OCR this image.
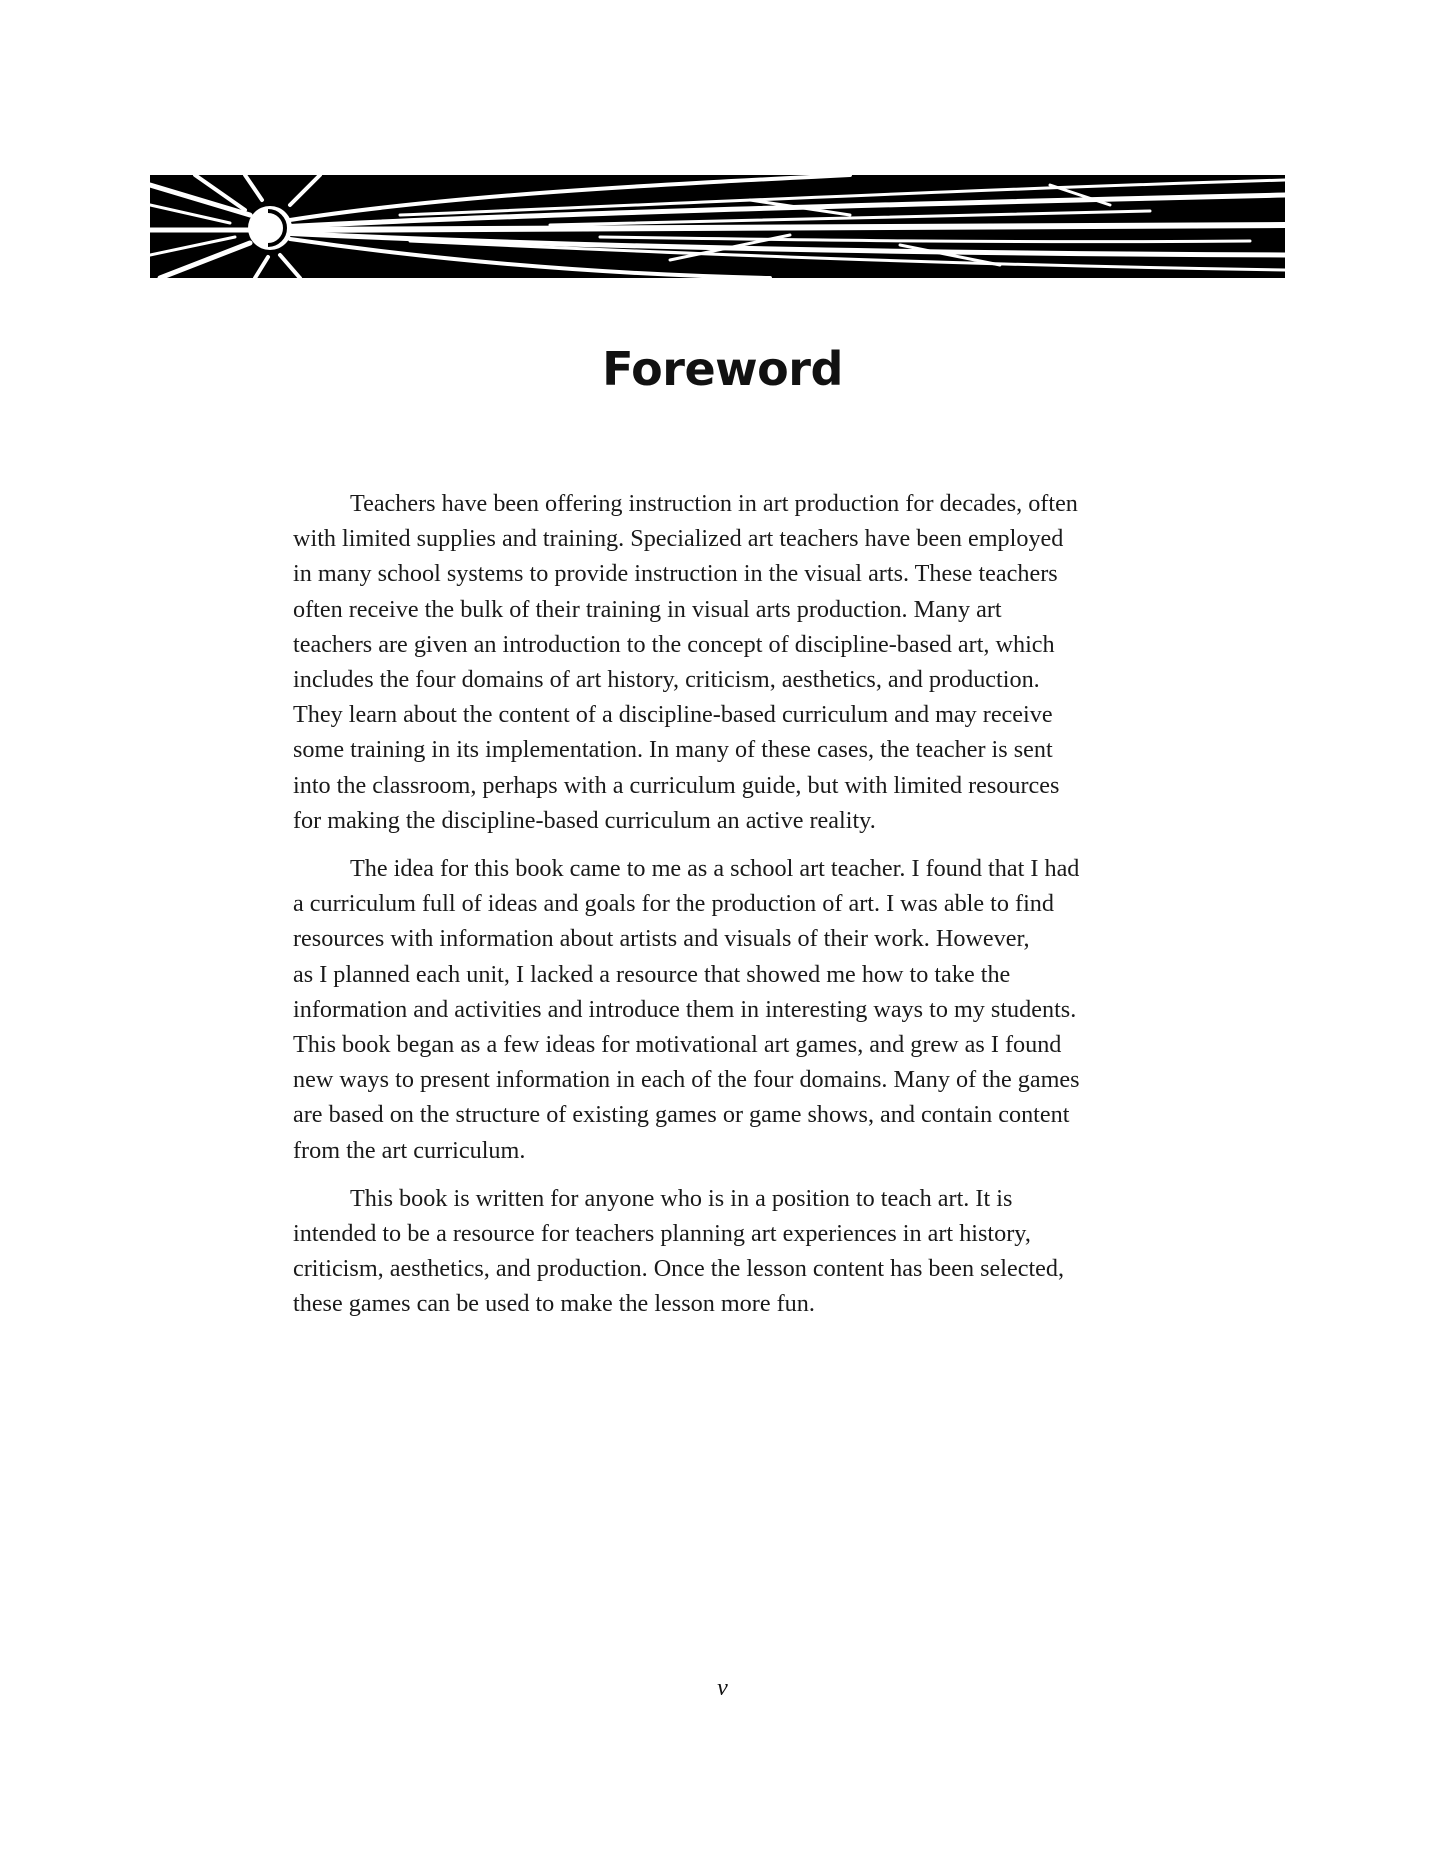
Foreword
Teachers have been offering instruction in art production for decades, often
with limited supplies and training. Specialized art teachers have been employed
in many school systems to provide instruction in the visual arts. These teachers
often receive the bulk of their training in visual arts production. Many art
teachers are given an introduction to the concept of discipline-based art, which
includes the four domains of art history, criticism, aesthetics, and production.
They learn about the content of a discipline-based curriculum and may receive
some training in its implementation. In many of these cases, the teacher is sent
into the classroom, perhaps with a curriculum guide, but with limited resources
for making the discipline-based curriculum an active reality.
The idea for this book came to me as a school art teacher. I found that I had
a curriculum full of ideas and goals for the production of art. I was able to find
resources with information about artists and visuals of their work. However,
as I planned each unit, I lacked a resource that showed me how to take the
information and activities and introduce them in interesting ways to my students.
This book began as a few ideas for motivational art games, and grew as I found
new ways to present information in each of the four domains. Many of the games
are based on the structure of existing games or game shows, and contain content
from the art curriculum.
This book is written for anyone who is in a position to teach art. It is
intended to be a resource for teachers planning art experiences in art history,
criticism, aesthetics, and production. Once the lesson content has been selected,
these games can be used to make the lesson more fun.
v
